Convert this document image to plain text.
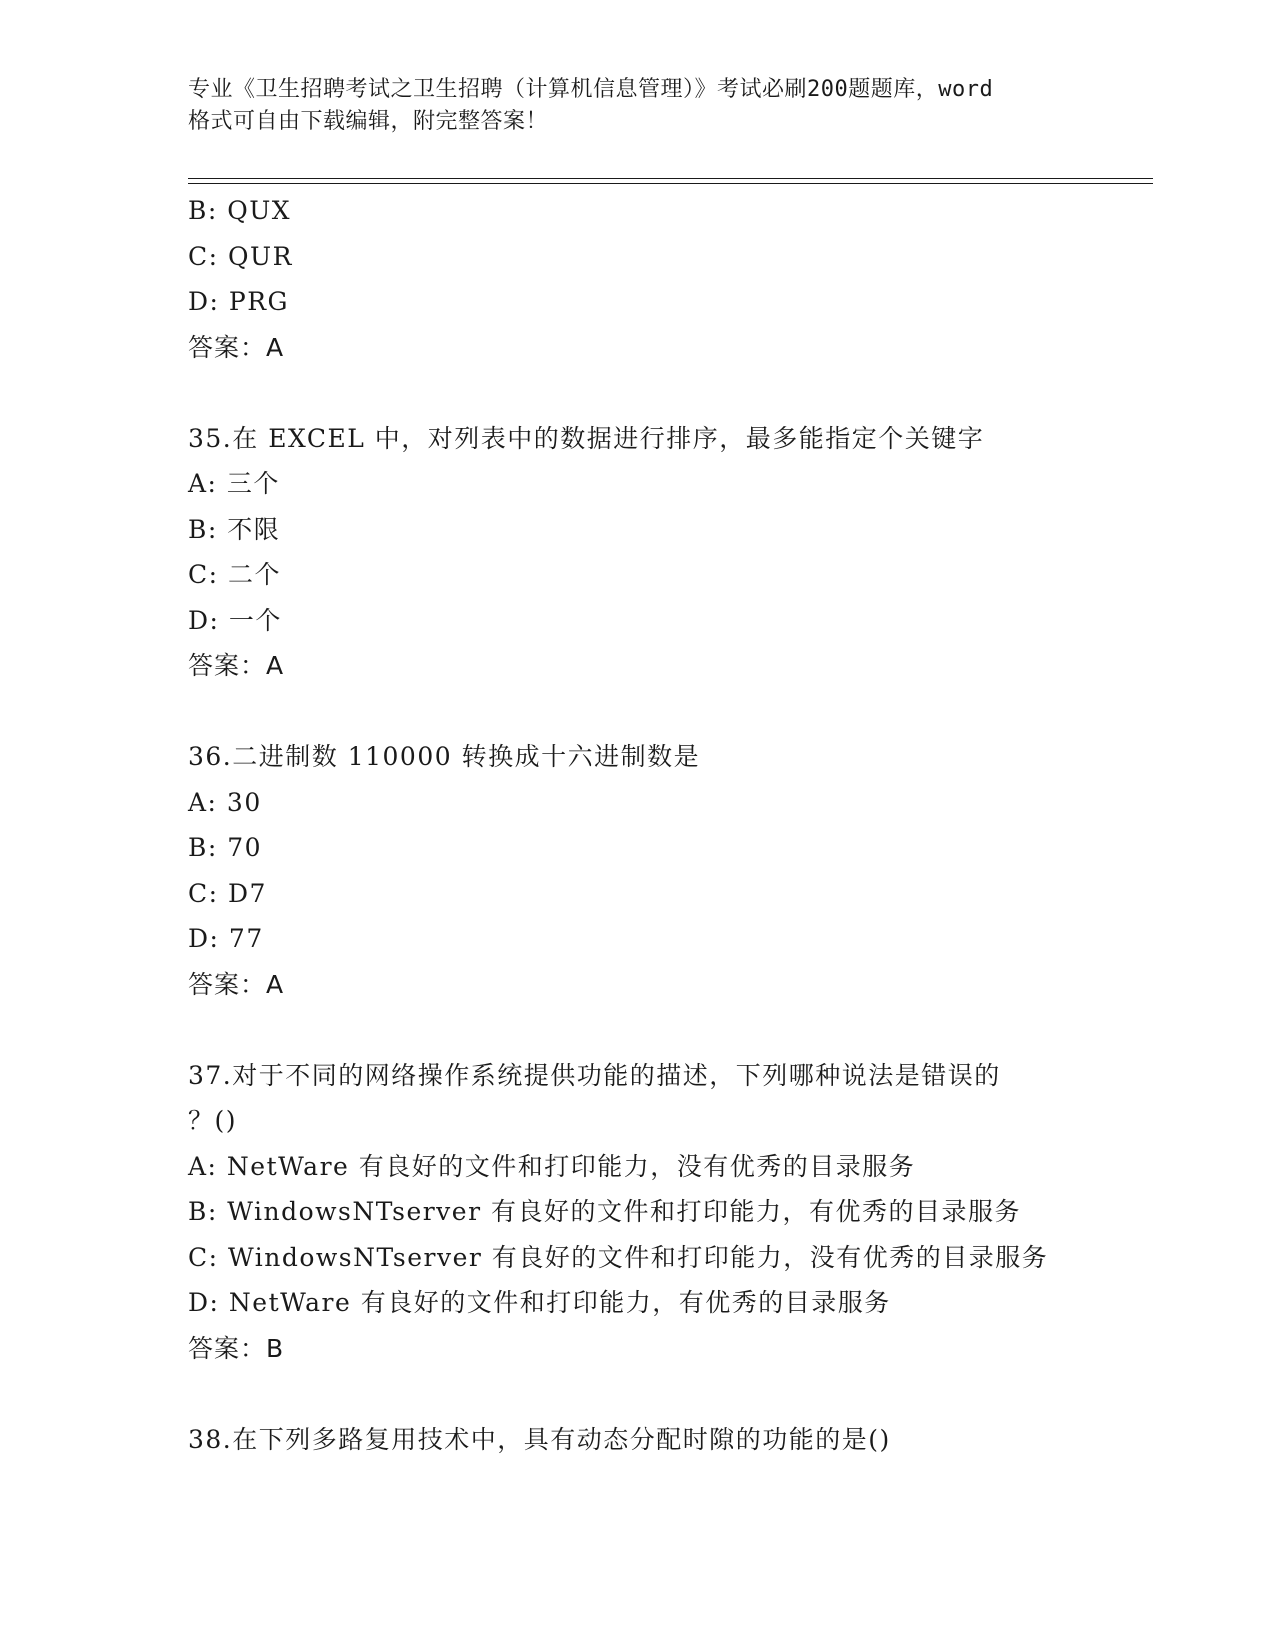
专业《卫生招聘考试之卫生招聘（计算机信息管理）》考试必刷200题题库，word
格式可自由下载编辑，附完整答案！
B: QUX
C: QUR
D: PRG
答案：A
35.在 EXCEL 中，对列表中的数据进行排序，最多能指定个关键字
A: 三个
B: 不限
C: 二个
D: 一个
答案：A
36.二进制数 110000 转换成十六进制数是
A: 30
B: 70
C: D7
D: 77
答案：A
37.对于不同的网络操作系统提供功能的描述，下列哪种说法是错误的
？()
A: NetWare 有良好的文件和打印能力，没有优秀的目录服务
B: WindowsNTserver 有良好的文件和打印能力，有优秀的目录服务
C: WindowsNTserver 有良好的文件和打印能力，没有优秀的目录服务
D: NetWare 有良好的文件和打印能力，有优秀的目录服务
答案：B
38.在下列多路复用技术中，具有动态分配时隙的功能的是()
